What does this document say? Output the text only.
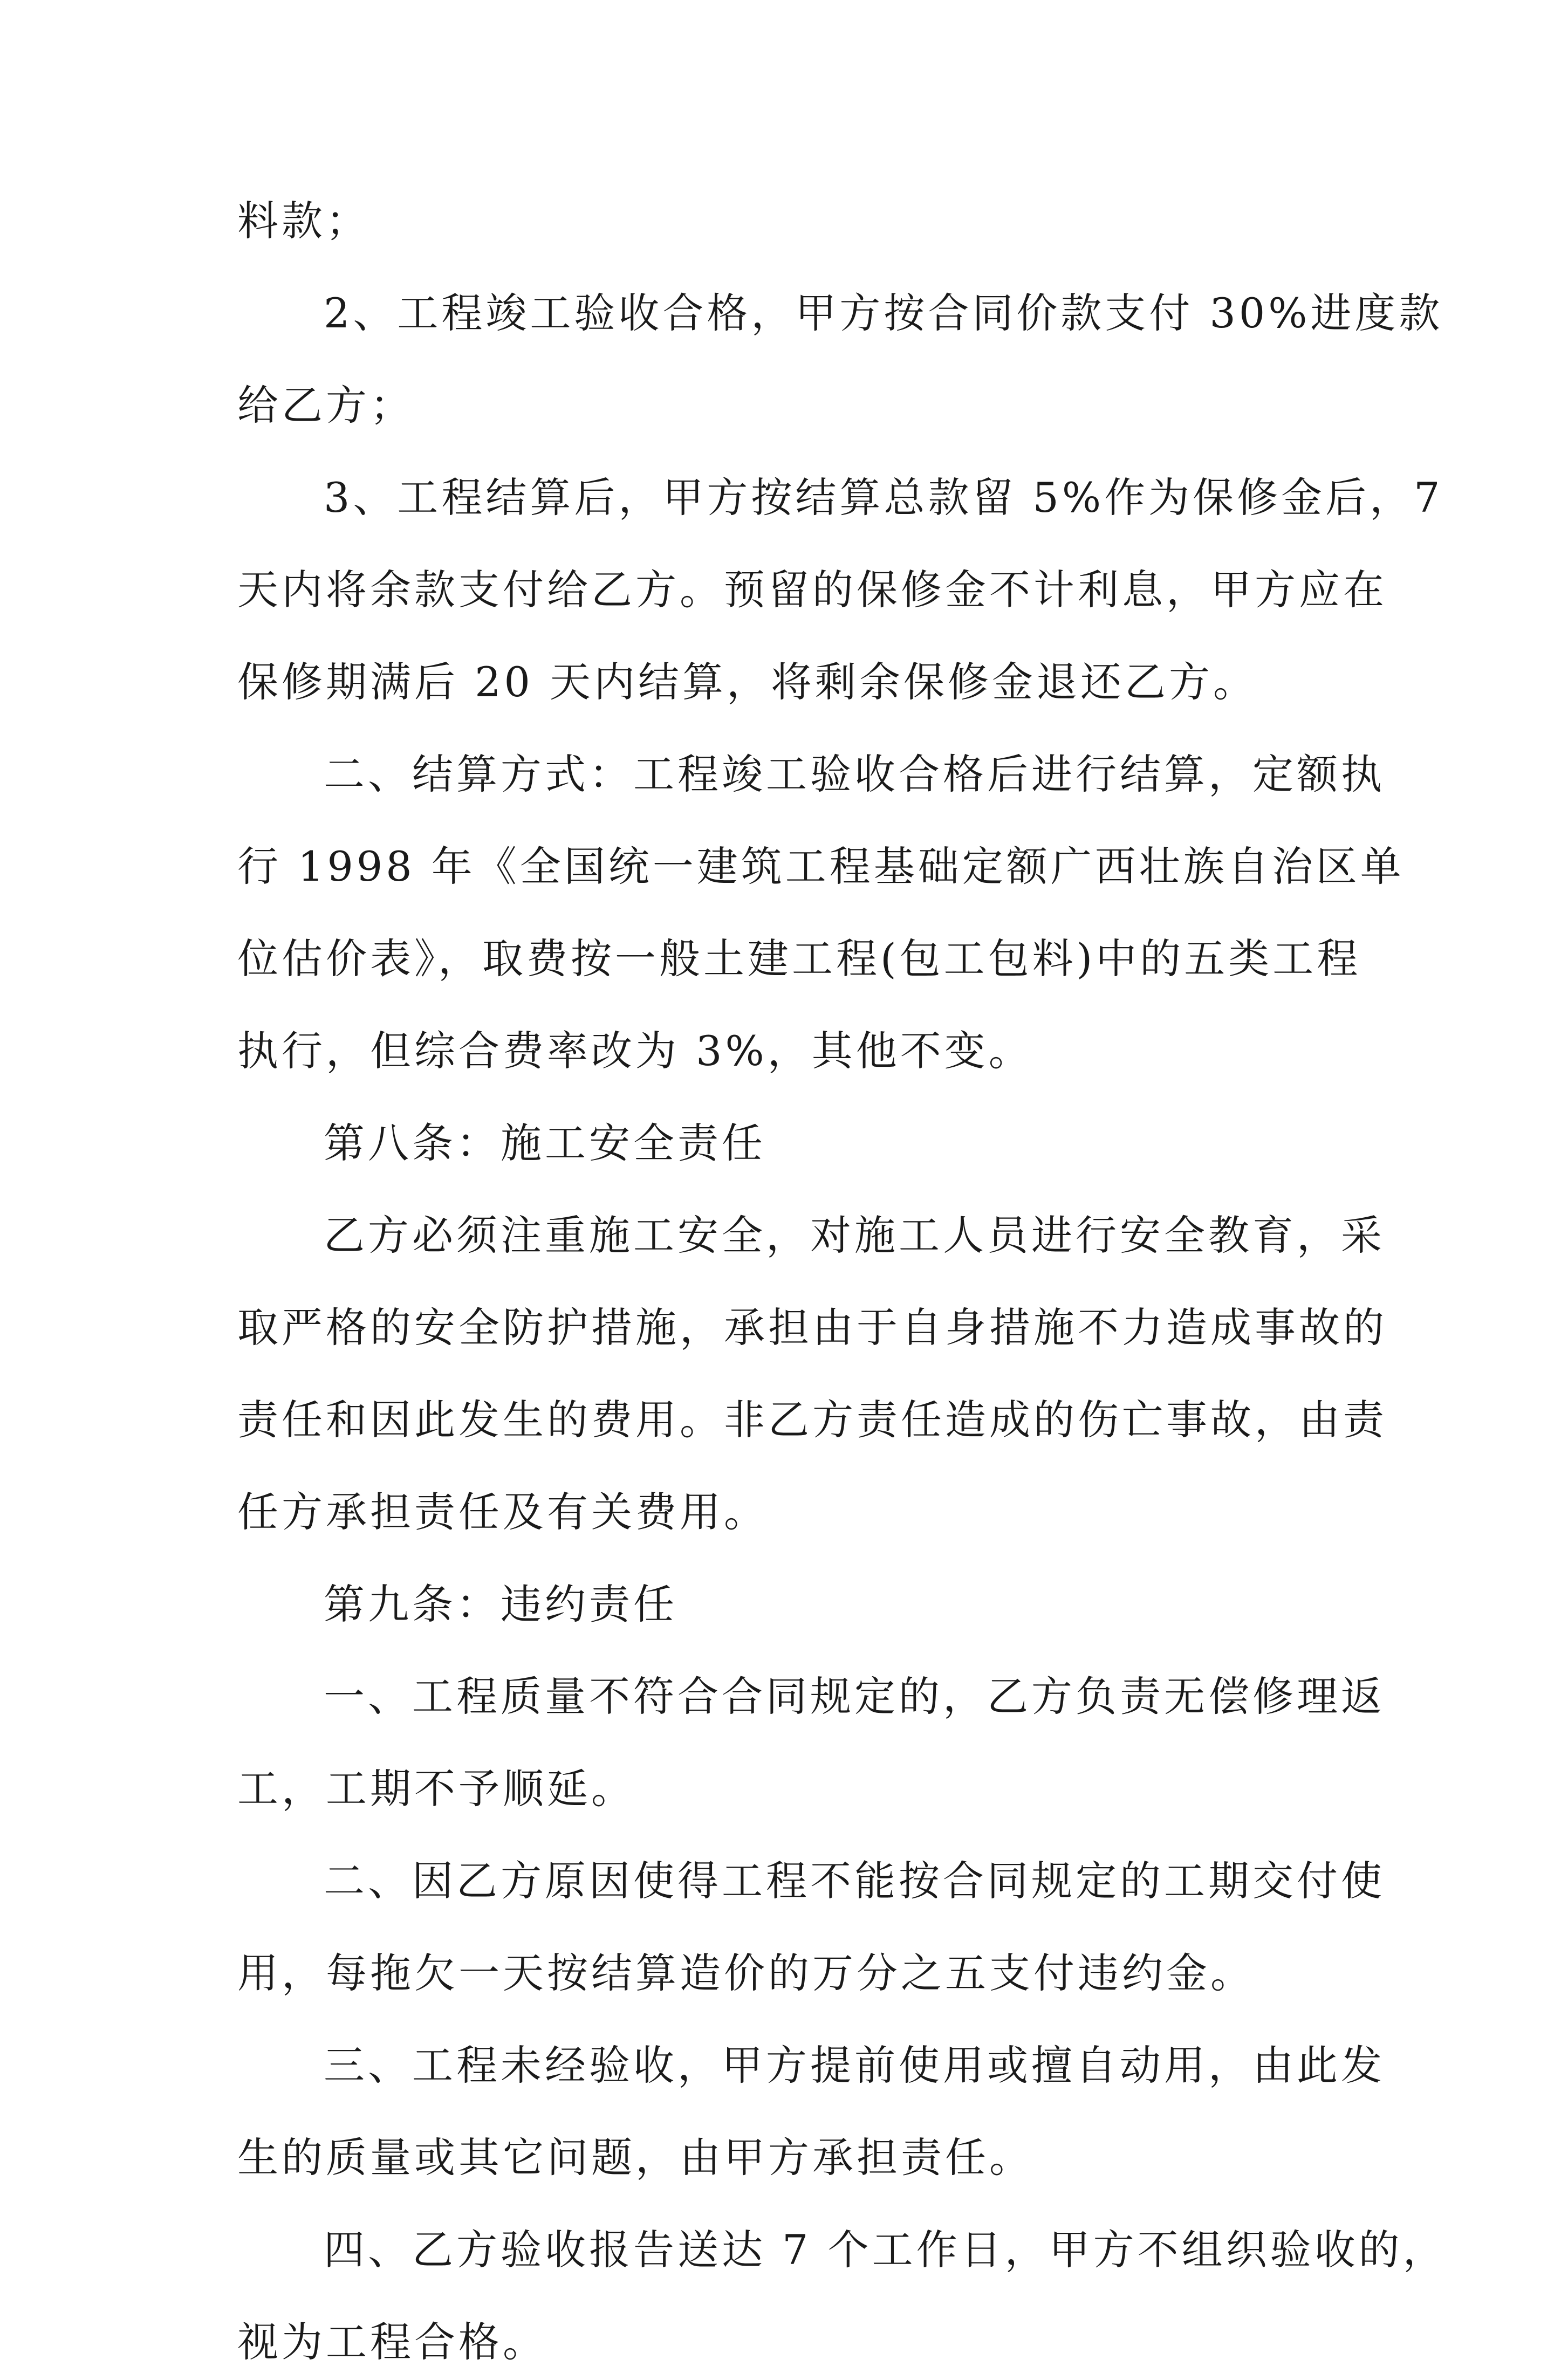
料款；
2、工程竣工验收合格，甲方按合同价款支付 30%进度款
给乙方；
3、工程结算后，甲方按结算总款留 5%作为保修金后，7
天内将余款支付给乙方。预留的保修金不计利息，甲方应在
保修期满后 20 天内结算，将剩余保修金退还乙方。
二、结算方式：工程竣工验收合格后进行结算，定额执
行 1998 年《全国统一建筑工程基础定额广西壮族自治区单
位估价表》，取费按一般土建工程(包工包料)中的五类工程
执行，但综合费率改为 3%，其他不变。
第八条：施工安全责任
乙方必须注重施工安全，对施工人员进行安全教育，采
取严格的安全防护措施，承担由于自身措施不力造成事故的
责任和因此发生的费用。非乙方责任造成的伤亡事故，由责
任方承担责任及有关费用。
第九条：违约责任
一、工程质量不符合合同规定的，乙方负责无偿修理返
工，工期不予顺延。
二、因乙方原因使得工程不能按合同规定的工期交付使
用，每拖欠一天按结算造价的万分之五支付违约金。
三、工程未经验收，甲方提前使用或擅自动用，由此发
生的质量或其它问题，由甲方承担责任。
四、乙方验收报告送达 7 个工作日，甲方不组织验收的，
视为工程合格。
